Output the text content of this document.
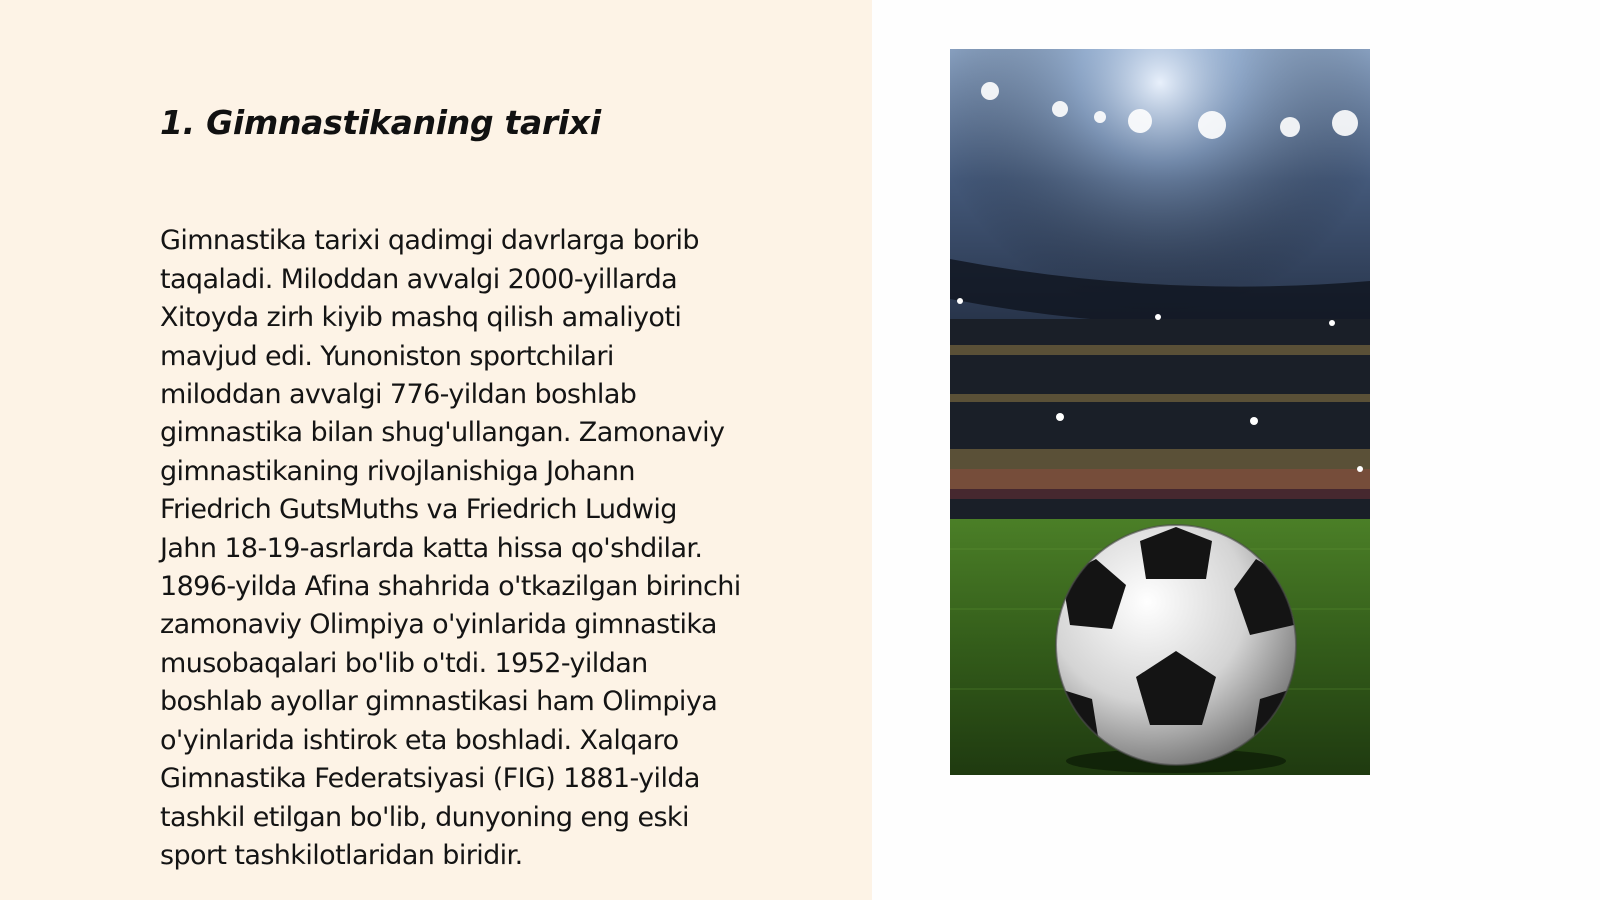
1. Gimnastikaning tarixi

Gimnastika tarixi qadimgi davrlarga borib
taqaladi. Miloddan avvalgi 2000-yillarda
Xitoyda zirh kiyib mashq qilish amaliyoti
mavjud edi. Yunoniston sportchilari
miloddan avvalgi 776-yildan boshlab
gimnastika bilan shug'ullangan. Zamonaviy
gimnastikaning rivojlanishiga Johann
Friedrich GutsMuths va Friedrich Ludwig
Jahn 18-19-asrlarda katta hissa qo'shdilar.
1896-yilda Afina shahrida o'tkazilgan birinchi
zamonaviy Olimpiya o'yinlarida gimnastika
musobaqalari bo'lib o'tdi. 1952-yildan
boshlab ayollar gimnastikasi ham Olimpiya
o'yinlarida ishtirok eta boshladi. Xalqaro
Gimnastika Federatsiyasi (FIG) 1881-yilda
tashkil etilgan bo'lib, dunyoning eng eski
sport tashkilotlaridan biridir.
